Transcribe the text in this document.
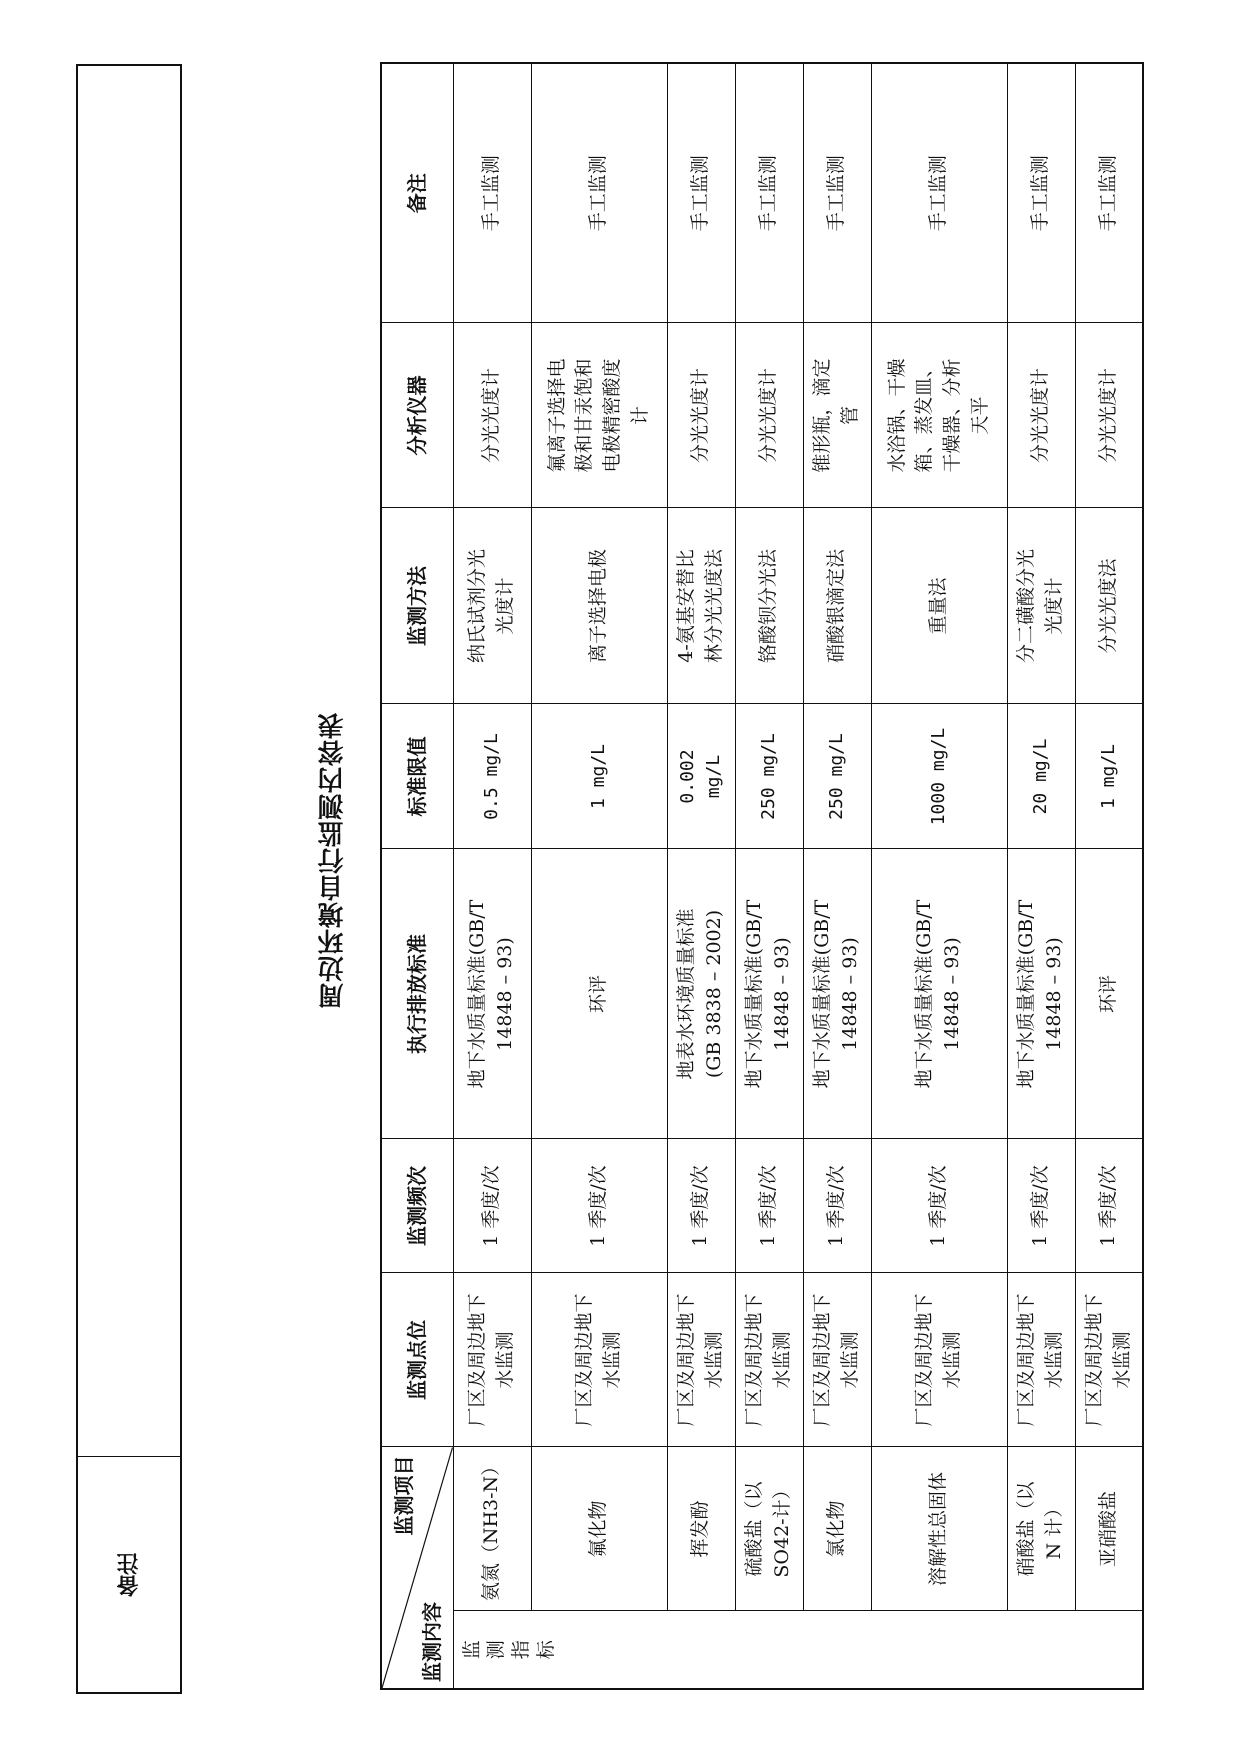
备注
周边环境自行监测内容表
监测项目
监测内容		监测点位	监测频次	执行排放标准	标准限值	监测方法	分析仪器	备注
监
测
指
标	氨氮（NH3-N）	厂区及周边地下
水监测	1 季度/次	地下水质量标准(GB/T
14848 – 93)	0.5 mg/L	纳氏试剂分光
光度计	分光光度计	手工监测
	氟化物	厂区及周边地下
水监测	1 季度/次	环评	1 mg/L	离子选择电极	氟离子选择电
极和甘汞饱和
电极精密酸度
计	手工监测
	挥发酚	厂区及周边地下
水监测	1 季度/次	地表水环境质量标准
(GB 3838 – 2002)	0.002
mg/L	4-氨基安替比
林分光光度法	分光光度计	手工监测
	硫酸盐（以
SO42-计）	厂区及周边地下
水监测	1 季度/次	地下水质量标准(GB/T
14848 – 93)	250 mg/L	铬酸钡分光法	分光光度计	手工监测
	氯化物	厂区及周边地下
水监测	1 季度/次	地下水质量标准(GB/T
14848 – 93)	250 mg/L	硝酸银滴定法	锥形瓶，滴定
管	手工监测
	溶解性总固体	厂区及周边地下
水监测	1 季度/次	地下水质量标准(GB/T
14848 – 93)	1000 mg/L	重量法	水浴锅、干燥
箱、蒸发皿、
干燥器、分析
天平	手工监测
	硝酸盐（以
N 计）	厂区及周边地下
水监测	1 季度/次	地下水质量标准(GB/T
14848 – 93)	20 mg/L	分二磺酸分光
光度计	分光光度计	手工监测
	亚硝酸盐	厂区及周边地下
水监测	1 季度/次	环评	1 mg/L	分光光度法	分光光度计	手工监测
